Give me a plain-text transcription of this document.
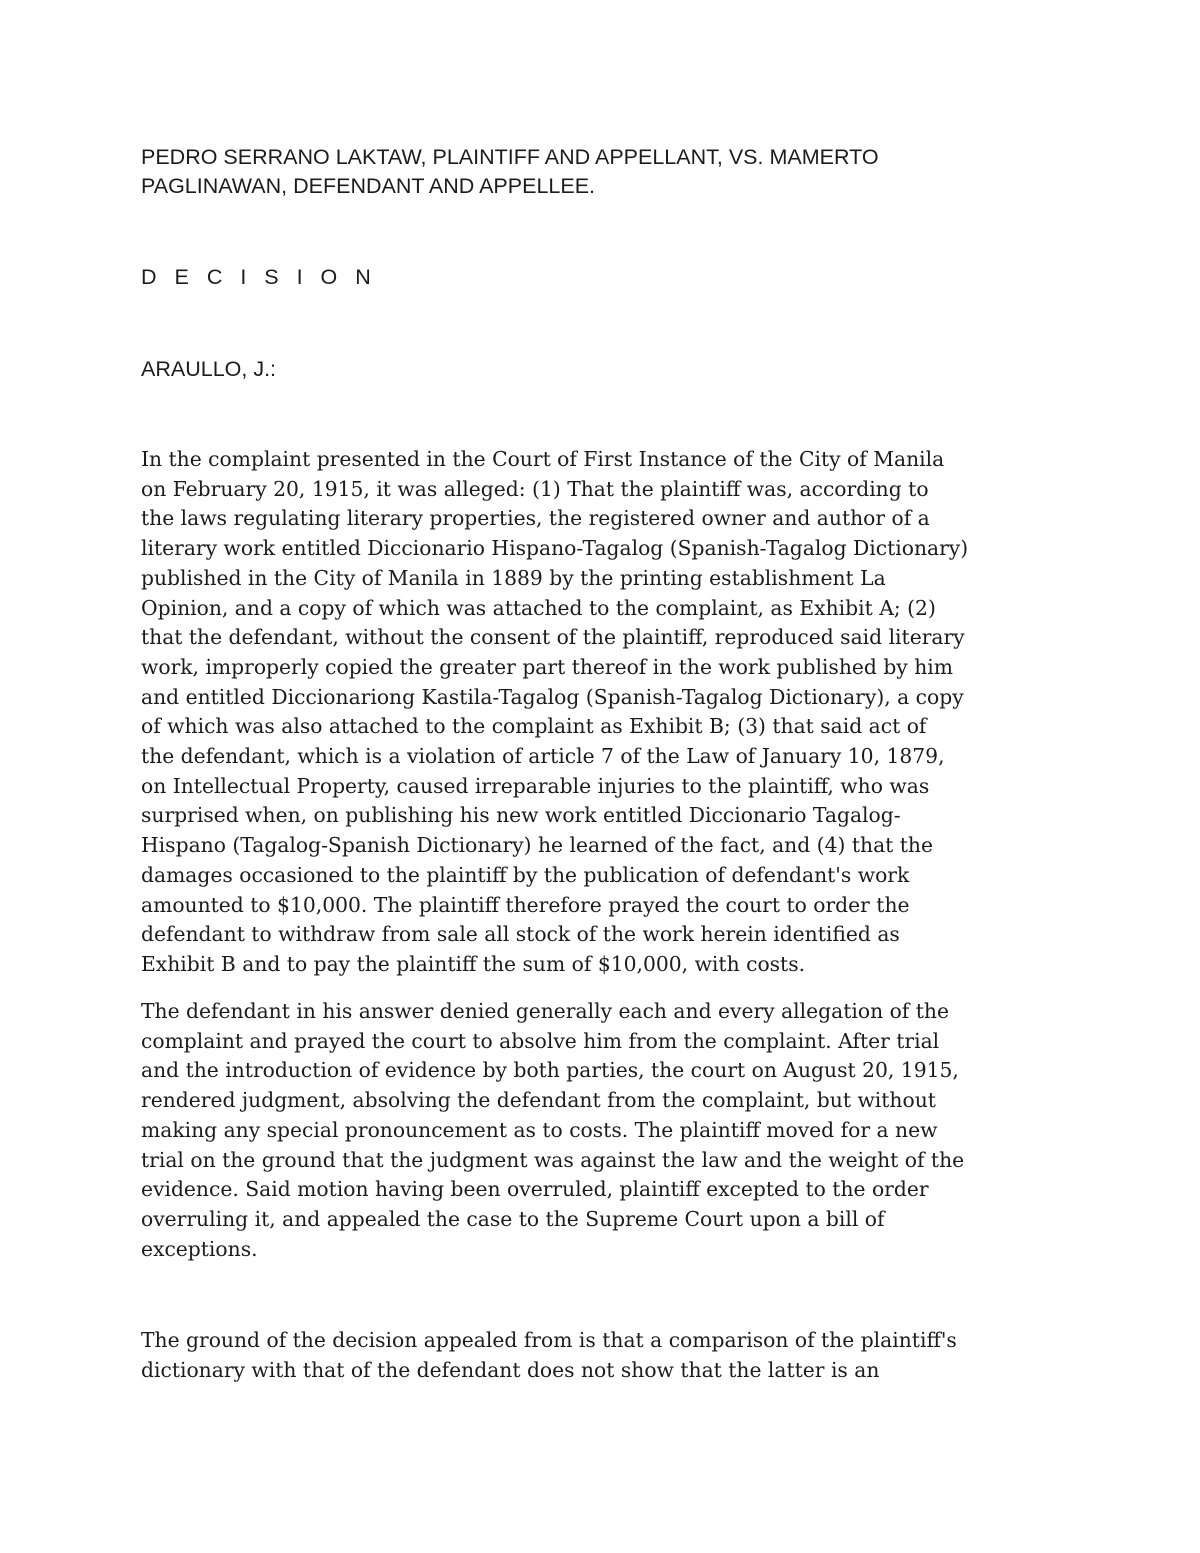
PEDRO SERRANO LAKTAW, PLAINTIFF AND APPELLANT, VS. MAMERTO
PAGLINAWAN, DEFENDANT AND APPELLEE.
D E C I S I O N
ARAULLO, J.:

In the complaint presented in the Court of First Instance of the City of Manila
on February 20, 1915, it was alleged: (1) That the plaintiff was, according to
the laws regulating literary properties, the registered owner and author of a
literary work entitled Diccionario Hispano-Tagalog (Spanish-Tagalog Dictionary)
published in the City of Manila in 1889 by the printing establishment La
Opinion, and a copy of which was attached to the complaint, as Exhibit A; (2)
that the defendant, without the consent of the plaintiff, reproduced said literary
work, improperly copied the greater part thereof in the work published by him
and entitled Diccionariong Kastila-Tagalog (Spanish-Tagalog Dictionary), a copy
of which was also attached to the complaint as Exhibit B; (3) that said act of
the defendant, which is a violation of article 7 of the Law of January 10, 1879,
on Intellectual Property, caused irreparable injuries to the plaintiff, who was
surprised when, on publishing his new work entitled Diccionario Tagalog-
Hispano (Tagalog-Spanish Dictionary) he learned of the fact, and (4) that the
damages occasioned to the plaintiff by the publication of defendant's work
amounted to $10,000. The plaintiff therefore prayed the court to order the
defendant to withdraw from sale all stock of the work herein identified as
Exhibit B and to pay the plaintiff the sum of $10,000, with costs.

The defendant in his answer denied generally each and every allegation of the
complaint and prayed the court to absolve him from the complaint. After trial
and the introduction of evidence by both parties, the court on August 20, 1915,
rendered judgment, absolving the defendant from the complaint, but without
making any special pronouncement as to costs. The plaintiff moved for a new
trial on the ground that the judgment was against the law and the weight of the
evidence. Said motion having been overruled, plaintiff excepted to the order
overruling it, and appealed the case to the Supreme Court upon a bill of
exceptions.

The ground of the decision appealed from is that a comparison of the plaintiff's
dictionary with that of the defendant does not show that the latter is an
